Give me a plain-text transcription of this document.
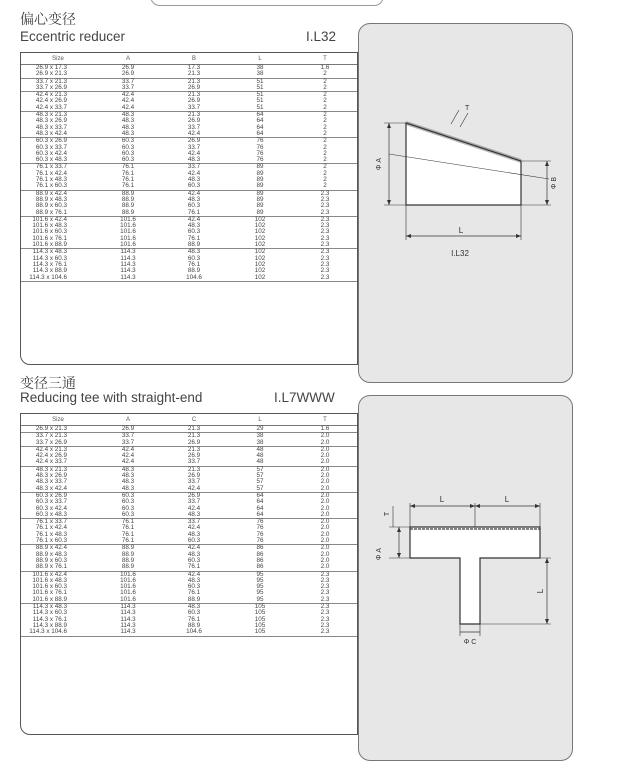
偏心变径
Eccentric reducer	I.L32
Size	A	B	L	T
26.9 x 17.3	26.9	17.3	38	1.6
26.9 x 21.3	26.9	21.3	38	2
33.7 x 21.3	33.7	21.3	51	2
33.7 x 26.9	33.7	26.9	51	2
42.4 x 21.3	42.4	21.3	51	2
42.4 x 26.9	42.4	26.9	51	2
42.4 x 33.7	42.4	33.7	51	2
48.3 x 21.3	48.3	21.3	64	2
48.3 x 26.9	48.3	26.9	64	2
48.3 x 33.7	48.3	33.7	64	2
48.3 x 42.4	48.3	42.4	64	2
60.3 x 26.9	60.3	26.9	76	2
60.3 x 33.7	60.3	33.7	76	2
60.3 x 42.4	60.3	42.4	76	2
60.3 x 48.3	60.3	48.3	76	2
76.1 x 33.7	76.1	33.7	89	2
76.1 x 42.4	76.1	42.4	89	2
76.1 x 48.3	76.1	48.3	89	2
76.1 x 60.3	76.1	60.3	89	2
88.9 x 42.4	88.9	42.4	89	2.3
88.9 x 48.3	88.9	48.3	89	2.3
88.9 x 60.3	88.9	60.3	89	2.3
88.9 x 76.1	88.9	76.1	89	2.3
101.6 x 42.4	101.6	42.4	102	2.3
101.6 x 48.3	101.6	48.3	102	2.3
101.6 x 60.3	101.6	60.3	102	2.3
101.6 x 76.1	101.6	76.1	102	2.3
101.6 x 88.9	101.6	88.9	102	2.3
114.3 x 48.3	114.3	48.3	102	2.3
114.3 x 60.3	114.3	60.3	102	2.3
114.3 x 76.1	114.3	76.1	102	2.3
114.3 x 88.9	114.3	88.9	102	2.3
114.3 x 104.6	114.3	104.6	102	2.3
T
Φ A
Φ B
L
I.L32
变径三通
Reducing tee with straight-end	I.L7WWW
Size	A	C	L	T
26.9 x 21.3	26.9	21.3	29	1.6
33.7 x 21.3	33.7	21.3	38	2.0
33.7 x 26.9	33.7	26.9	38	2.0
42.4 x 21.3	42.4	21.3	48	2.0
42.4 x 26.9	42.4	26.9	48	2.0
42.4 x 33.7	42.4	33.7	48	2.0
48.3 x 21.3	48.3	21.3	57	2.0
48.3 x 26.9	48.3	26.9	57	2.0
48.3 x 33.7	48.3	33.7	57	2.0
48.3 x 42.4	48.3	42.4	57	2.0
60.3 x 26.9	60.3	26.9	64	2.0
60.3 x 33.7	60.3	33.7	64	2.0
60.3 x 42.4	60.3	42.4	64	2.0
60.3 x 48.3	60.3	48.3	64	2.0
76.1 x 33.7	76.1	33.7	76	2.0
76.1 x 42.4	76.1	42.4	76	2.0
76.1 x 48.3	76.1	48.3	76	2.0
76.1 x 60.3	76.1	60.3	76	2.0
88.9 x 42.4	88.9	42.4	86	2.0
88.9 x 48.3	88.9	48.3	86	2.0
88.9 x 60.3	88.9	60.3	86	2.0
88.9 x 76.1	88.9	76.1	86	2.0
101.6 x 42.4	101.6	42.4	95	2.3
101.6 x 48.3	101.6	48.3	95	2.3
101.6 x 60.3	101.6	60.3	95	2.3
101.6 x 76.1	101.6	76.1	95	2.3
101.6 x 88.9	101.6	88.9	95	2.3
114.3 x 48.3	114.3	48.3	105	2.3
114.3 x 60.3	114.3	60.3	105	2.3
114.3 x 76.1	114.3	76.1	105	2.3
114.3 x 88.9	114.3	88.9	105	2.3
114.3 x 104.6	114.3	104.6	105	2.3
L	L
T
Φ A
L
Φ C
